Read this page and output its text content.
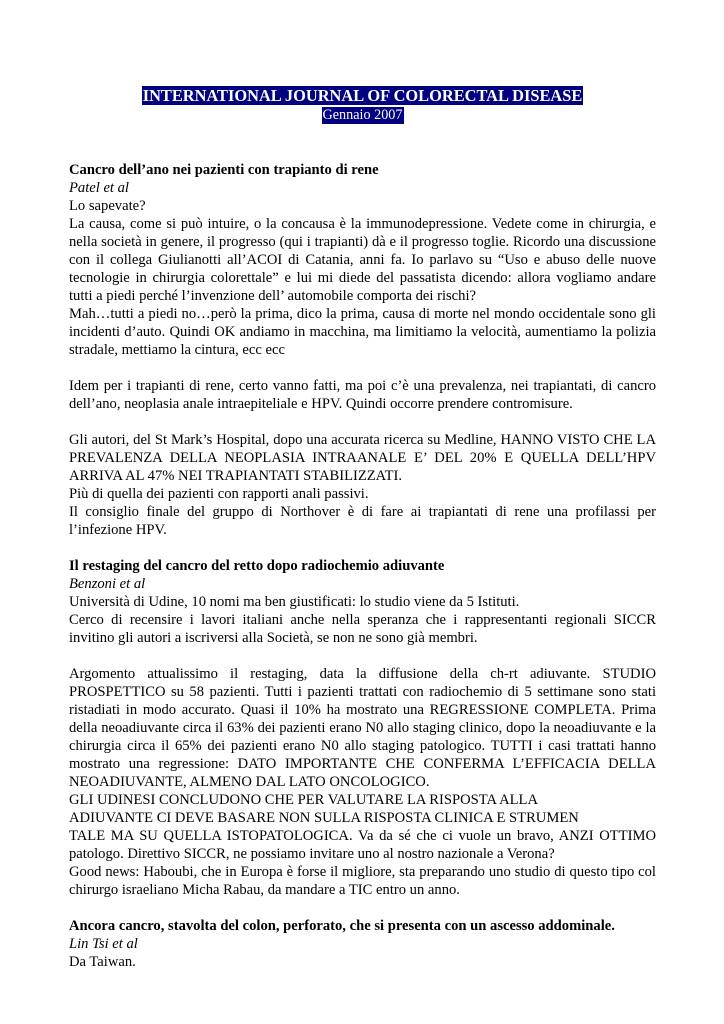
INTERNATIONAL JOURNAL OF COLORECTAL DISEASE
Gennaio 2007
Cancro dell’ano nei pazienti con trapianto di rene
Patel et al
Lo sapevate?
La causa, come si può intuire, o la concausa è la immunodepressione. Vedete come in chirurgia, e
nella società in genere, il progresso (qui i trapianti) dà e il progresso toglie. Ricordo una discussione
con il collega Giulianotti all’ACOI di Catania, anni fa. Io parlavo su “Uso e abuso delle nuove
tecnologie in chirurgia colorettale” e lui mi diede del passatista dicendo: allora vogliamo andare
tutti a piedi perché l’invenzione dell’ automobile comporta dei rischi?
Mah…tutti a piedi no…però la prima, dico la prima, causa di morte nel mondo occidentale sono gli
incidenti d’auto. Quindi OK andiamo in macchina, ma limitiamo la velocità, aumentiamo la polizia
stradale, mettiamo la cintura, ecc ecc
Idem per i trapianti di rene, certo vanno fatti, ma poi c’è una prevalenza, nei trapiantati, di cancro
dell’ano, neoplasia anale intraepiteliale e HPV. Quindi occorre prendere contromisure.
Gli autori, del St Mark’s Hospital, dopo una accurata ricerca su Medline, HANNO VISTO CHE LA
PREVALENZA DELLA NEOPLASIA INTRAANALE E’ DEL 20% E QUELLA DELL’HPV
ARRIVA AL 47% NEI TRAPIANTATI STABILIZZATI.
Più di quella dei pazienti con rapporti anali passivi.
Il consiglio finale del gruppo di Northover è di fare ai trapiantati di rene una profilassi per
l’infezione HPV.
Il restaging del cancro del retto dopo radiochemio adiuvante
Benzoni et al
Università di Udine, 10 nomi ma ben giustificati: lo studio viene da 5 Istituti.
Cerco di recensire i lavori italiani anche nella speranza che i rappresentanti regionali SICCR
invitino gli autori a iscriversi alla Società, se non ne sono già membri.
Argomento attualissimo il restaging, data la diffusione della ch-rt adiuvante. STUDIO
PROSPETTICO su 58 pazienti. Tutti i pazienti trattati con radiochemio di 5 settimane sono stati
ristadiati in modo accurato. Quasi il 10% ha mostrato una REGRESSIONE COMPLETA. Prima
della neoadiuvante circa il 63% dei pazienti erano N0 allo staging clinico, dopo la neoadiuvante e la
chirurgia circa il 65% dei pazienti erano N0 allo staging patologico. TUTTI i casi trattati hanno
mostrato una regressione: DATO IMPORTANTE CHE CONFERMA L’EFFICACIA DELLA
NEOADIUVANTE, ALMENO DAL LATO ONCOLOGICO.
GLI UDINESI CONCLUDONO CHE PER VALUTARE LA RISPOSTA ALLA
ADIUVANTE CI DEVE BASARE NON SULLA RISPOSTA CLINICA E STRUMEN
TALE MA SU QUELLA ISTOPATOLOGICA. Va da sé che ci vuole un bravo, ANZI OTTIMO
patologo. Direttivo SICCR, ne possiamo invitare uno al nostro nazionale a Verona?
Good news: Haboubi, che in Europa è forse il migliore, sta preparando uno studio di questo tipo col
chirurgo israeliano Micha Rabau, da mandare a TIC entro un anno.
Ancora cancro, stavolta del colon, perforato, che si presenta con un ascesso addominale.
Lin Tsi et al
Da Taiwan.
